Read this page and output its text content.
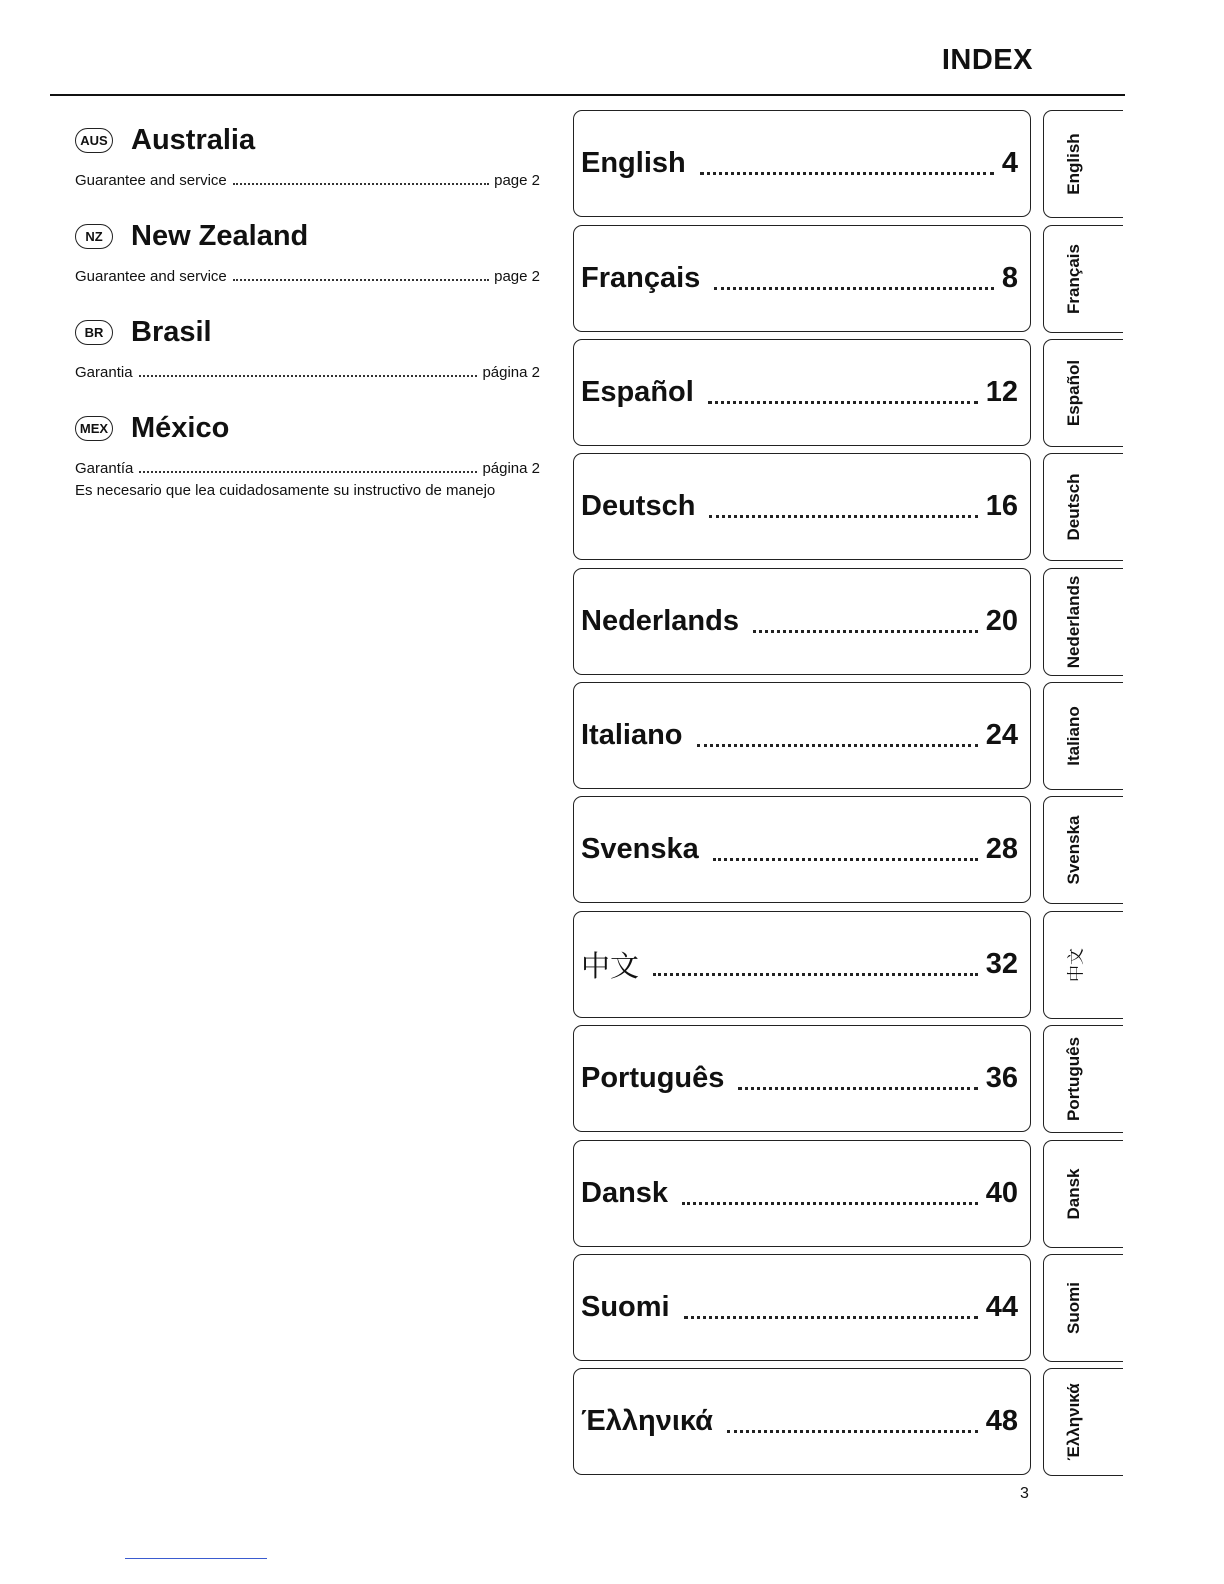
INDEX
AUS Australia
Guarantee and service	page 2
NZ New Zealand
Guarantee and service	page 2
BR Brasil
Garantia	página 2
MEX México
Garantía	página 2
Es necesario que lea cuidadosamente su instructivo de manejo
English	4	English
Français	8	Français
Español	12	Español
Deutsch	16	Deutsch
Nederlands	20	Nederlands
Italiano	24	Italiano
Svenska	28	Svenska
中文	32	中文
Português	36	Português
Dansk	40	Dansk
Suomi	44	Suomi
Έλληνικά	48	Έλληνικά
3
